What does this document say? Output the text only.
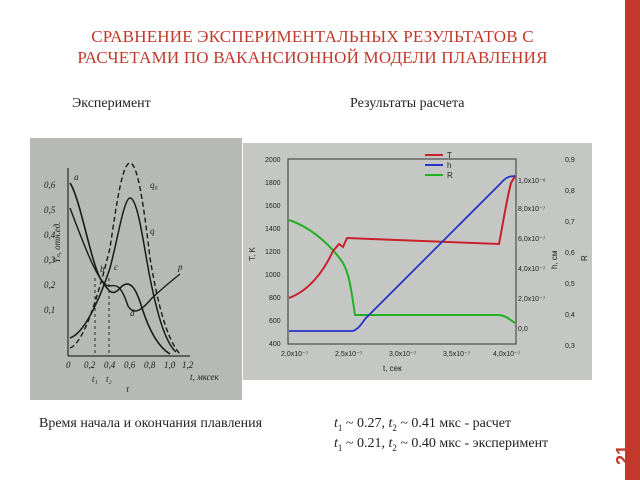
СРАВНЕНИЕ ЭКСПЕРИМЕНТАЛЬНЫХ РЕЗУЛЬТАТОВ С
РАСЧЕТАМИ ПО ВАКАНСИОННОЙ МОДЕЛИ ПЛАВЛЕНИЯ
21
Эксперимент	Результаты расчета
0,6
0,5
0,4
0,3
0,2
0,1
0 0,2 0,4 0,6 0,8 1,0 1,2
t, мксек
t₁ t₂
τ
a
b c
d
q₀
q
p
Yₙ, отн.ед.
T
h
R
2000
1800
1600
1400
1200
1000
800
600
400
1,0x10⁻⁶
8,0x10⁻⁷
6,0x10⁻⁷
4,0x10⁻⁷
2,0x10⁻⁷
0,0
0,9
0,8
0,7
0,6
0,5
0,4
0,3
2,0x10⁻⁷	2,5x10⁻⁷	3,0x10⁻⁷	3,5x10⁻⁷	4,0x10⁻⁷
t, сек
T, K	h, см	R
Время начала и окончания плавления	$t_1$ ~ 0.27, $t_2$ ~ 0.41 мкс - расчет
$t_1$ ~ 0.21, $t_2$ ~ 0.40 мкс - эксперимент
